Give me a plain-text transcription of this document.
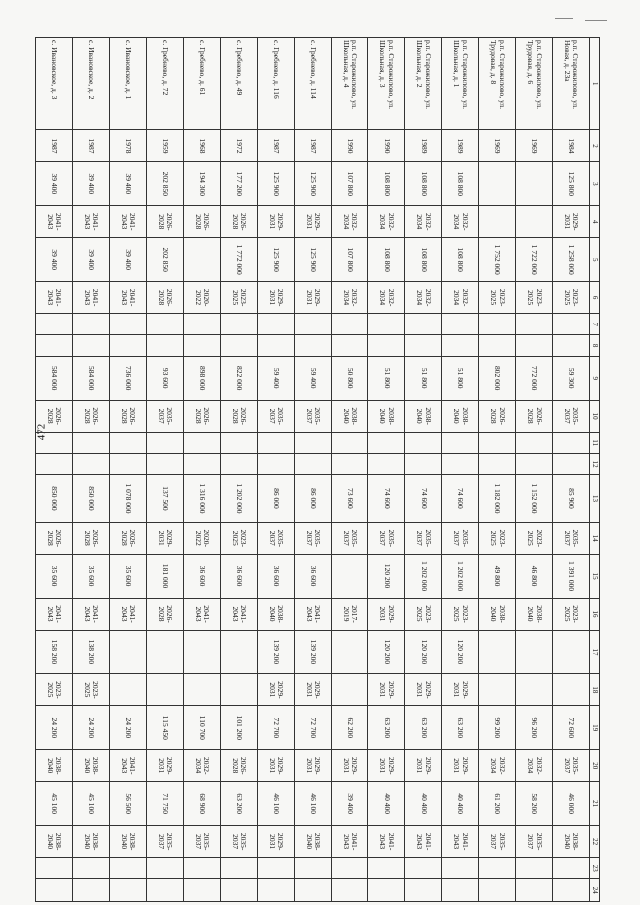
472
1	2	3	4	5	6	7	8	9	10	11	12	13	14	15	16	17	18	19	20	21	22	23	24
р.п. Старожилово, ул. Новая, д. 23а	1984	125 800	2029-2031	1 258 000	2023-2025			59 300	2035-2037			85 900	2035-2037	1 391 000	2023-2025			72 600	2035-2037	46 000	2038-2040		
р.п. Старожилово, ул. Трудовая, д. 6	1969			1 722 000	2023-2025			772 000	2026-2028			1 152 000	2023-2025	46 800	2038-2040			96 200	2032-2034	58 200	2035-2037		
р.п. Старожилово, ул. Трудовая, д. 8	1969			1 752 000	2023-2025			802 000	2026-2028			1 182 000	2023-2025	49 800	2038-2040			99 200	2032-2034	61 200	2035-2037		
р.п. Старожилово, ул. Школьная, д. 1	1989	108 800	2032-2034	108 800	2032-2034			51 800	2038-2040			74 600	2035-2037	1 202 000	2023-2025	120 200	2029-2031	63 200	2029-2031	40 400	2041-2043		
р.п. Старожилово, ул. Школьная, д. 2	1989	108 800	2032-2034	108 800	2032-2034			51 800	2038-2040			74 600	2035-2037	1 202 000	2023-2025	120 200	2029-2031	63 200	2029-2031	40 400	2041-2043		
р.п. Старожилово, ул. Школьная, д. 3	1990	108 800	2032-2034	108 800	2032-2034			51 800	2038-2040			74 600	2035-2037	120 200	2029-2031	120 200	2029-2031	63 200	2029-2031	40 400	2041-2043		
р.п. Старожилово, ул. Школьная, д. 4	1990	107 800	2032-2034	107 800	2032-2034			50 800	2038-2040			73 600	2035-2037		2017-2019			62 200	2029-2031	39 400	2041-2043		
с. Гребнево, д. 114	1987	125 900	2029-2031	125 900	2029-2031			59 400	2035-2037			86 000	2035-2037	36 600	2041-2043	139 200	2029-2031	72 700	2029-2031	46 100	2038-2040		
с. Гребнево, д. 116	1987	125 900	2029-2031	125 900	2029-2031			59 400	2035-2037			86 000	2035-2037	36 600	2038-2040	139 200	2029-2031	72 700	2029-2031	46 100	2029-2031		
с. Гребнево, д. 49	1972	177 200	2026-2028	1 772 000	2023-2025			822 000	2026-2028			1 202 000	2023-2025	36 600	2041-2043			101 200	2026-2028	63 200	2035-2037		
с. Гребнево, д. 61	1968	194 300	2026-2028		2020-2022			898 000	2026-2028			1 316 000	2020-2022	36 600	2041-2043			110 700	2032-2034	68 900	2035-2037		
с. Гребнево, д. 72	1959	202 850	2026-2028	202 850	2026-2028			93 600	2035-2037			137 500	2029-2031	181 000	2026-2028			115 450	2029-2031	71 750	2035-2037		
с. Ивановское, д. 1	1978	39 400	2041-2043	39 400	2041-2043			736 000	2026-2028			1 078 000	2026-2028	35 600	2041-2043			24 200	2041-2043	56 500	2038-2040		
с. Ивановское, д. 2	1987	39 400	2041-2043	39 400	2041-2043			584 000	2026-2028			850 000	2026-2028	35 600	2041-2043	138 200	2023-2025	24 200	2038-2040	45 100	2038-2040		
с. Ивановское, д. 3	1987	39 400	2041-2043	39 400	2041-2043			584 000	2026-2028			850 000	2026-2028	35 600	2041-2043	158 200	2023-2025	24 200	2038-2040	45 100	2038-2040		
